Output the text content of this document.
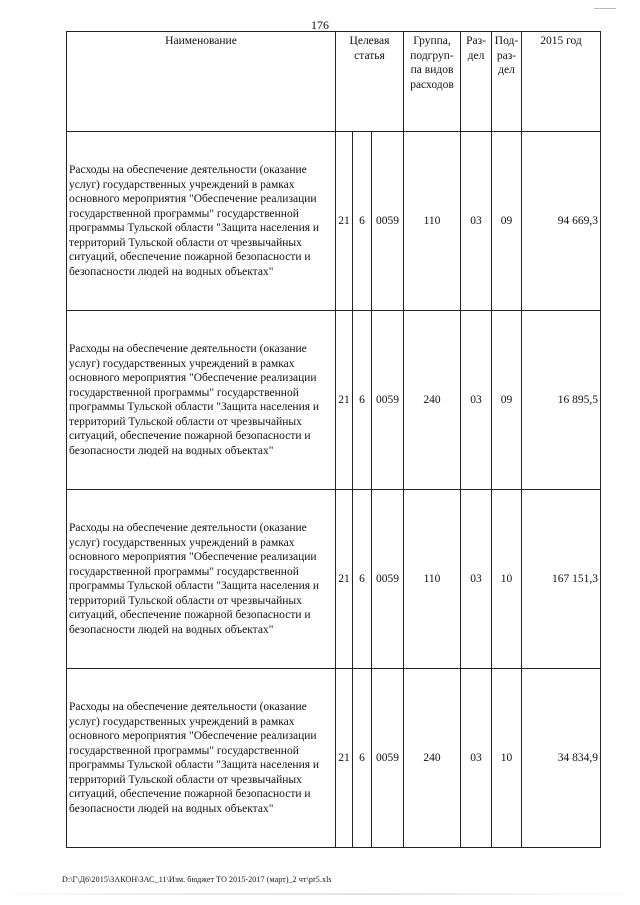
176
Наименование	Целевая статья			Группа, подгруп-па видов расходов	Раз-дел	Под-раз-дел	2015 год
Расходы на обеспечение деятельности (оказание услуг) государственных учреждений в рамках основного мероприятия "Обеспечение реализации государственной программы" государственной программы Тульской области "Защита населения и территорий Тульской области от чрезвычайных ситуаций, обеспечение пожарной безопасности и безопасности людей на водных объектах"	21	6	0059	110	03	09	94 669,3
Расходы на обеспечение деятельности (оказание услуг) государственных учреждений в рамках основного мероприятия "Обеспечение реализации государственной программы" государственной программы Тульской области "Защита населения и территорий Тульской области от чрезвычайных ситуаций, обеспечение пожарной безопасности и безопасности людей на водных объектах"	21	6	0059	240	03	09	16 895,5
Расходы на обеспечение деятельности (оказание услуг) государственных учреждений в рамках основного мероприятия "Обеспечение реализации государственной программы" государственной программы Тульской области "Защита населения и территорий Тульской области от чрезвычайных ситуаций, обеспечение пожарной безопасности и безопасности людей на водных объектах"	21	6	0059	110	03	10	167 151,3
Расходы на обеспечение деятельности (оказание услуг) государственных учреждений в рамках основного мероприятия "Обеспечение реализации государственной программы" государственной программы Тульской области "Защита населения и территорий Тульской области от чрезвычайных ситуаций, обеспечение пожарной безопасности и безопасности людей на водных объектах"	21	6	0059	240	03	10	34 834,9
D:\Г\Д6\2015\ЗАКОН\ЗАС_11\Изм. бюджет ТО 2015-2017 (март)_2 чт\pr5.xls
